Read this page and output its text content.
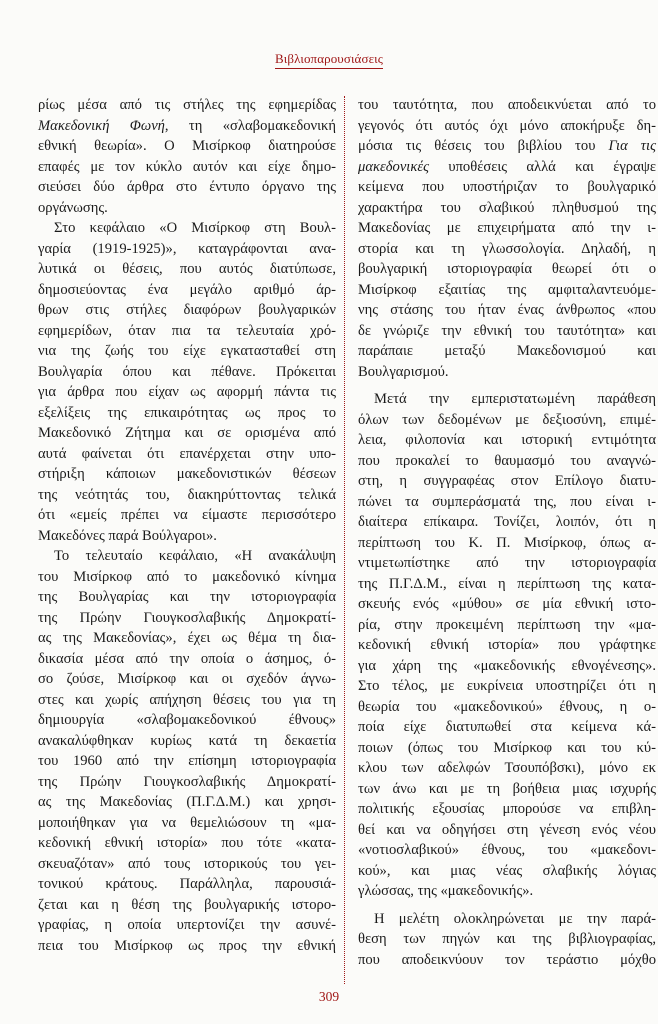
Βιβλιοπαρουσιάσεις
ρίως μέσα από τις στήλες της εφημερίδας
Μακεδονική Φωνή, τη «σλαβομακεδονική
εθνική θεωρία». Ο Μισίρκοφ διατηρούσε
επαφές με τον κύκλο αυτόν και είχε δημο-
σιεύσει δύο άρθρα στο έντυπο όργανο της
οργάνωσης.
Στο κεφάλαιο «Ο Μισίρκοφ στη Βουλ-
γαρία (1919-1925)», καταγράφονται ανα-
λυτικά οι θέσεις, που αυτός διατύπωσε,
δημοσιεύοντας ένα μεγάλο αριθμό άρ-
θρων στις στήλες διαφόρων βουλγαρικών
εφημερίδων, όταν πια τα τελευταία χρό-
νια της ζωής του είχε εγκατασταθεί στη
Βουλγαρία όπου και πέθανε. Πρόκειται
για άρθρα που είχαν ως αφορμή πάντα τις
εξελίξεις της επικαιρότητας ως προς το
Μακεδονικό Ζήτημα και σε ορισμένα από
αυτά φαίνεται ότι επανέρχεται στην υπο-
στήριξη κάποιων μακεδονιστικών θέσεων
της νεότητάς του, διακηρύττοντας τελικά
ότι «εμείς πρέπει να είμαστε περισσότερο
Μακεδόνες παρά Βούλγαροι».
Το τελευταίο κεφάλαιο, «Η ανακάλυψη
του Μισίρκοφ από το μακεδονικό κίνημα
της Βουλγαρίας και την ιστοριογραφία
της Πρώην Γιουγκοσλαβικής Δημοκρατί-
ας της Μακεδονίας», έχει ως θέμα τη δια-
δικασία μέσα από την οποία ο άσημος, ό-
σο ζούσε, Μισίρκοφ και οι σχεδόν άγνω-
στες και χωρίς απήχηση θέσεις του για τη
δημιουργία «σλαβομακεδονικού έθνους»
ανακαλύφθηκαν κυρίως κατά τη δεκαετία
του 1960 από την επίσημη ιστοριογραφία
της Πρώην Γιουγκοσλαβικής Δημοκρατί-
ας της Μακεδονίας (Π.Γ.Δ.Μ.) και χρησι-
μοποιήθηκαν για να θεμελιώσουν τη «μα-
κεδονική εθνική ιστορία» που τότε «κατα-
σκευαζόταν» από τους ιστορικούς του γει-
τονικού κράτους. Παράλληλα, παρουσιά-
ζεται και η θέση της βουλγαρικής ιστορο-
γραφίας, η οποία υπερτονίζει την ασυνέ-
πεια του Μισίρκοφ ως προς την εθνική
του ταυτότητα, που αποδεικνύεται από το
γεγονός ότι αυτός όχι μόνο αποκήρυξε δη-
μόσια τις θέσεις του βιβλίου του Για τις
μακεδονικές υποθέσεις αλλά και έγραψε
κείμενα που υποστήριζαν το βουλγαρικό
χαρακτήρα του σλαβικού πληθυσμού της
Μακεδονίας με επιχειρήματα από την ι-
στορία και τη γλωσσολογία. Δηλαδή, η
βουλγαρική ιστοριογραφία θεωρεί ότι ο
Μισίρκοφ εξαιτίας της αμφιταλαντευόμε-
νης στάσης του ήταν ένας άνθρωπος «που
δε γνώριζε την εθνική του ταυτότητα» και
παράπαιε μεταξύ Μακεδονισμού και
Βουλγαρισμού.
Μετά την εμπεριστατωμένη παράθεση
όλων των δεδομένων με δεξιοσύνη, επιμέ-
λεια, φιλοπονία και ιστορική εντιμότητα
που προκαλεί το θαυμασμό του αναγνώ-
στη, η συγγραφέας στον Επίλογο διατυ-
πώνει τα συμπεράσματά της, που είναι ι-
διαίτερα επίκαιρα. Τονίζει, λοιπόν, ότι η
περίπτωση του Κ. Π. Μισίρκοφ, όπως α-
ντιμετωπίστηκε από την ιστοριογραφία
της Π.Γ.Δ.Μ., είναι η περίπτωση της κατα-
σκευής ενός «μύθου» σε μία εθνική ιστο-
ρία, στην προκειμένη περίπτωση την «μα-
κεδονική εθνική ιστορία» που γράφτηκε
για χάρη της «μακεδονικής εθνογένεσης».
Στο τέλος, με ευκρίνεια υποστηρίζει ότι η
θεωρία του «μακεδονικού» έθνους, η ο-
ποία είχε διατυπωθεί στα κείμενα κά-
ποιων (όπως του Μισίρκοφ και του κύ-
κλου των αδελφών Τσουπόβσκι), μόνο εκ
των άνω και με τη βοήθεια μιας ισχυρής
πολιτικής εξουσίας μπορούσε να επιβλη-
θεί και να οδηγήσει στη γένεση ενός νέου
«νοτιοσλαβικού» έθνους, του «μακεδονι-
κού», και μιας νέας σλαβικής λόγιας
γλώσσας, της «μακεδονικής».
Η μελέτη ολοκληρώνεται με την παρά-
θεση των πηγών και της βιβλιογραφίας,
που αποδεικνύουν τον τεράστιο μόχθο
309
